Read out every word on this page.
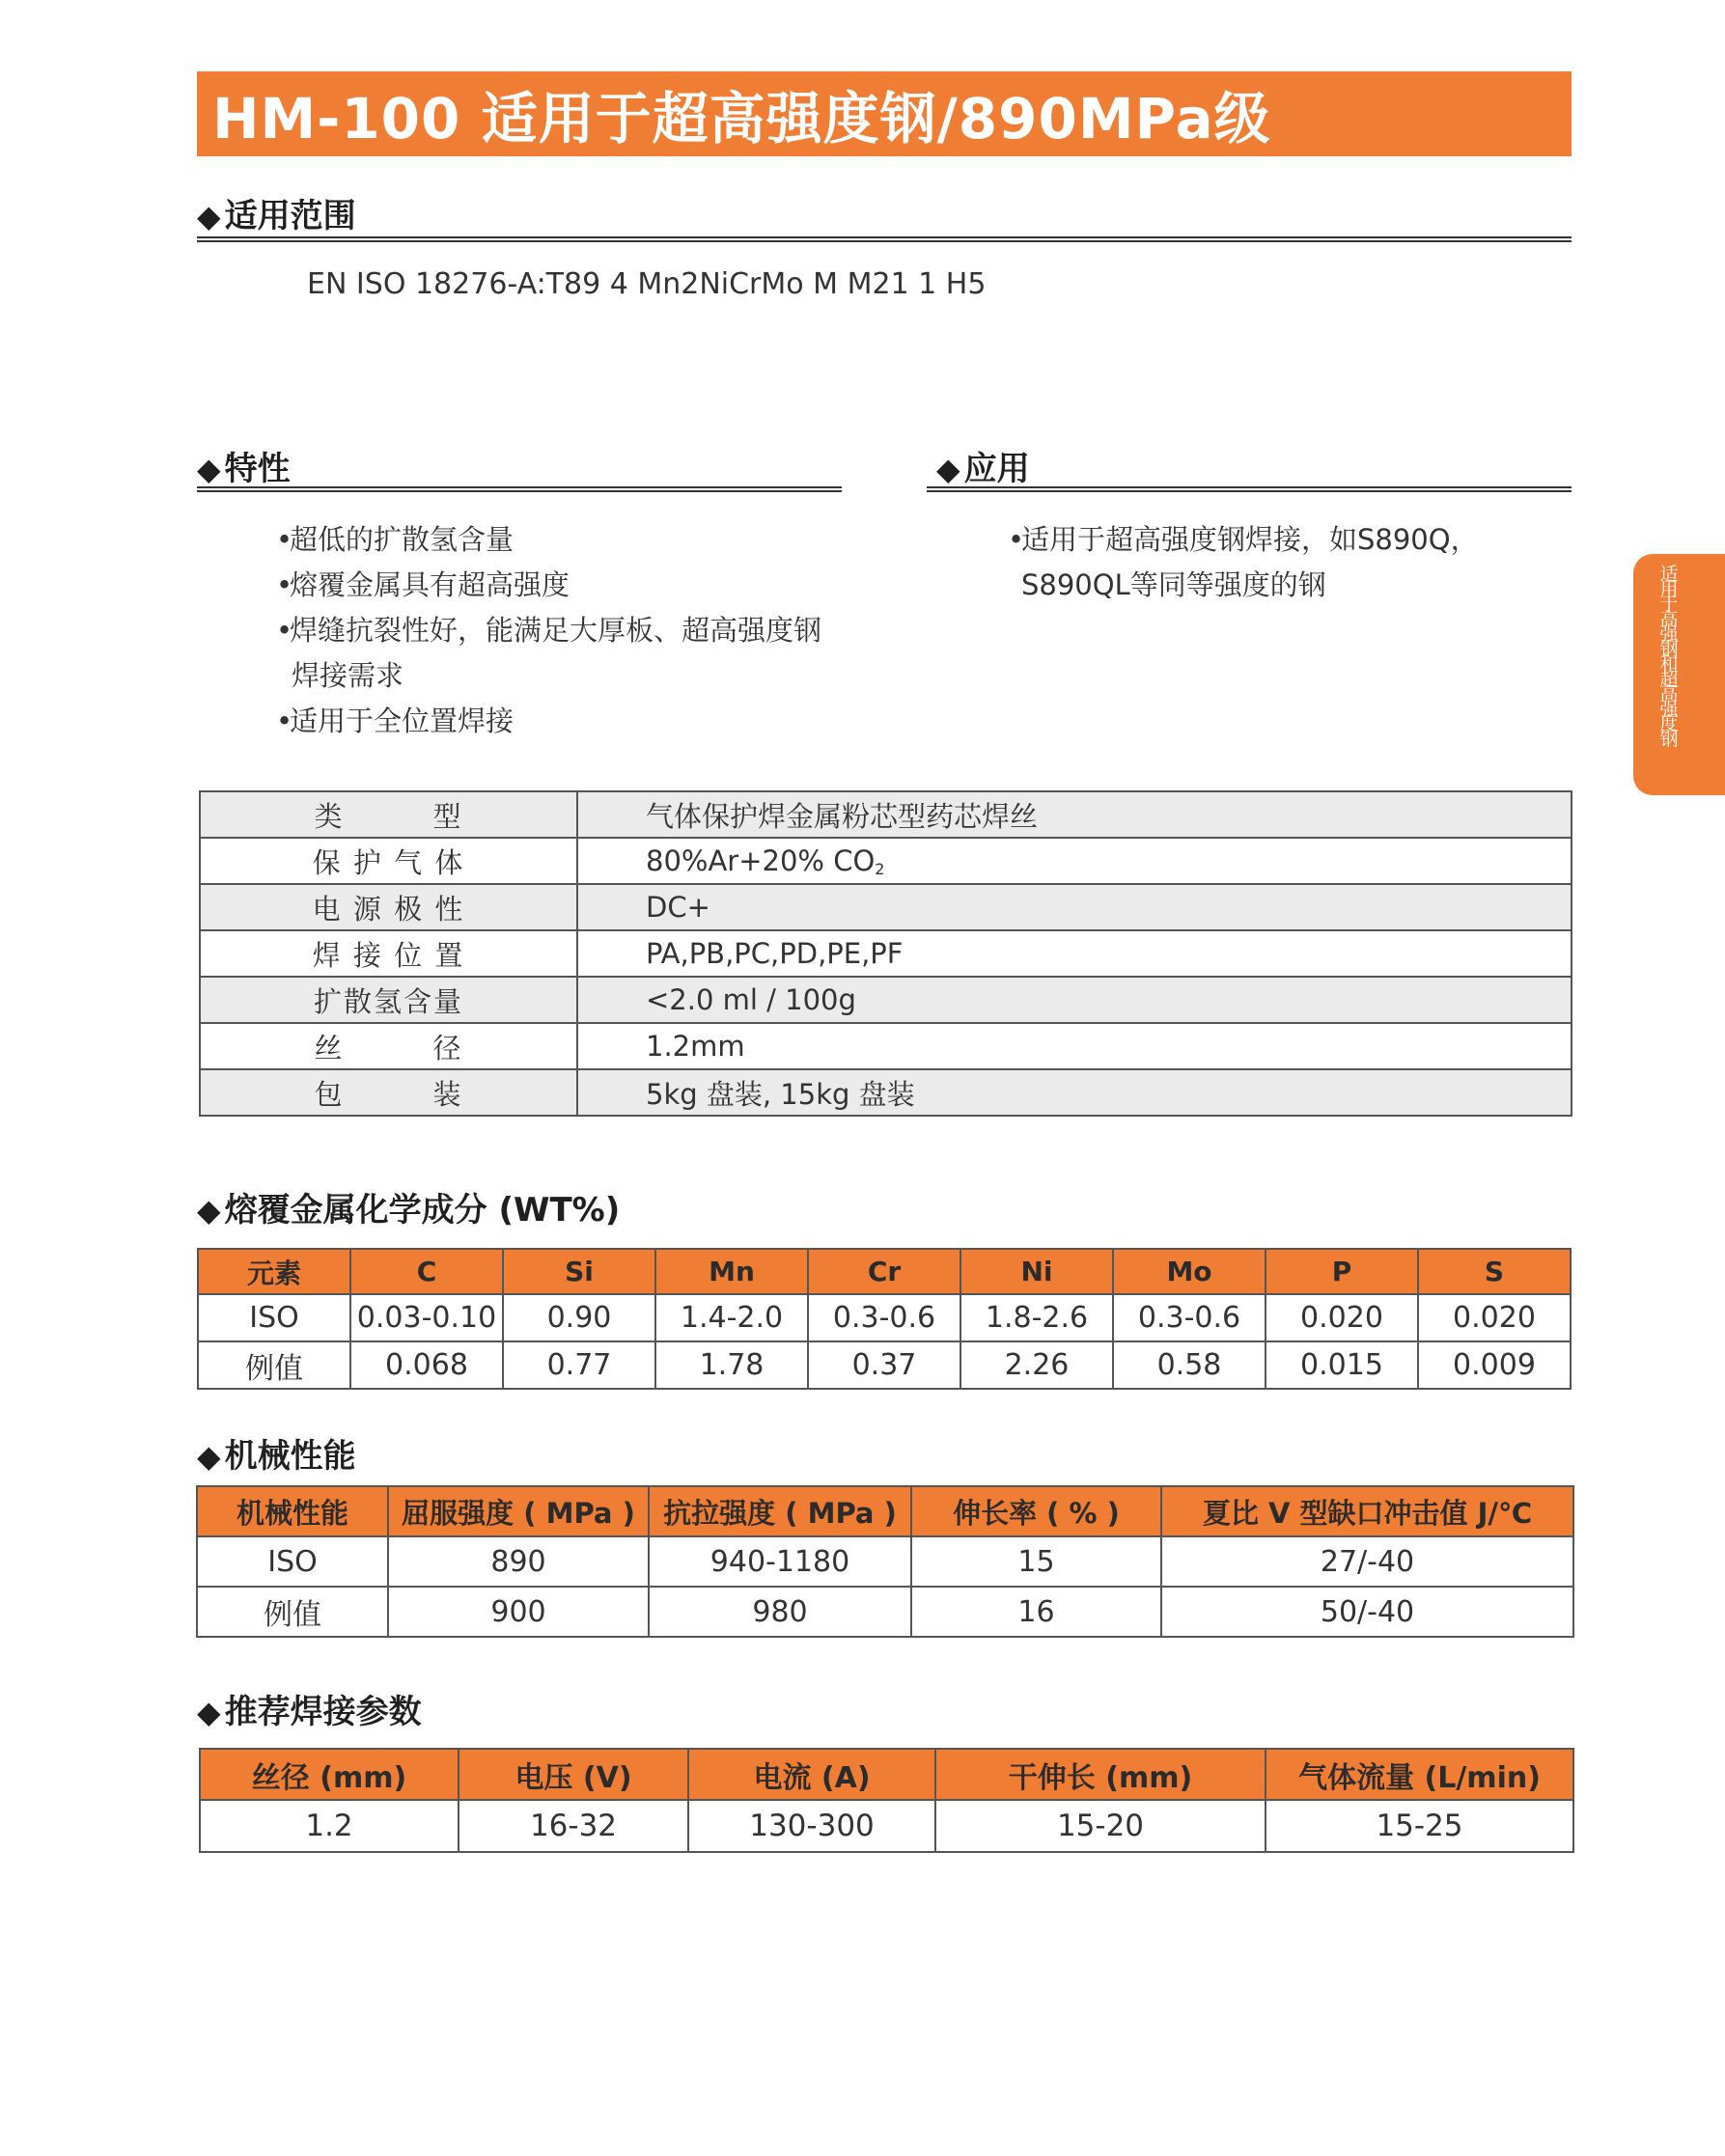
HM-100 适用于超高强度钢/890MPa级
◆ 适用范围
EN ISO 18276-A:T89 4 Mn2NiCrMo M M21 1 H5
◆ 特性
• 超低的扩散氢含量
• 熔覆金属具有超高强度
• 焊缝抗裂性好，能满足大厚板、超高强度钢
焊接需求
• 适用于全位置焊接
◆ 应用
• 适用于超高强度钢焊接，如S890Q，
S890QL等同等强度的钢	适用于高强钢和超高强度钢
类 型	气体保护焊金属粉芯型药芯焊丝
保 护 气 体	80%Ar+20% $CO_2$
电 源 极 性	DC+
焊 接 位 置	PA,PB,PC,PD,PE,PF
扩散氢含量	<2.0 ml / 100g

丝 径	1.2mm

包 装	5kg 盘装, 15kg 盘装
◆ 熔覆金属化学成分 (WT%)
元素	C	Si	Mn	Cr	Ni	Mo	P	S
ISO	0.03-0.10	0.90	1.4-2.0	0.3-0.6	1.8-2.6	0.3-0.6	0.020	0.020
例值	0.068	0.77	1.78	0.37	2.26	0.58	0.015	0.009
◆ 机械性能
机械性能	屈服强度 ( MPa )	抗拉强度 ( MPa )	伸长率 ( % )	夏比 V 型缺口冲击值 J/℃
ISO	890	940-1180	15	27/-40
例值	900	980	16	50/-40
◆ 推荐焊接参数
丝径 (mm)	电压 (V)	电流 (A)	干伸长 (mm)	气体流量 (L/min)
1.2	16-32	130-300	15-20	15-25
